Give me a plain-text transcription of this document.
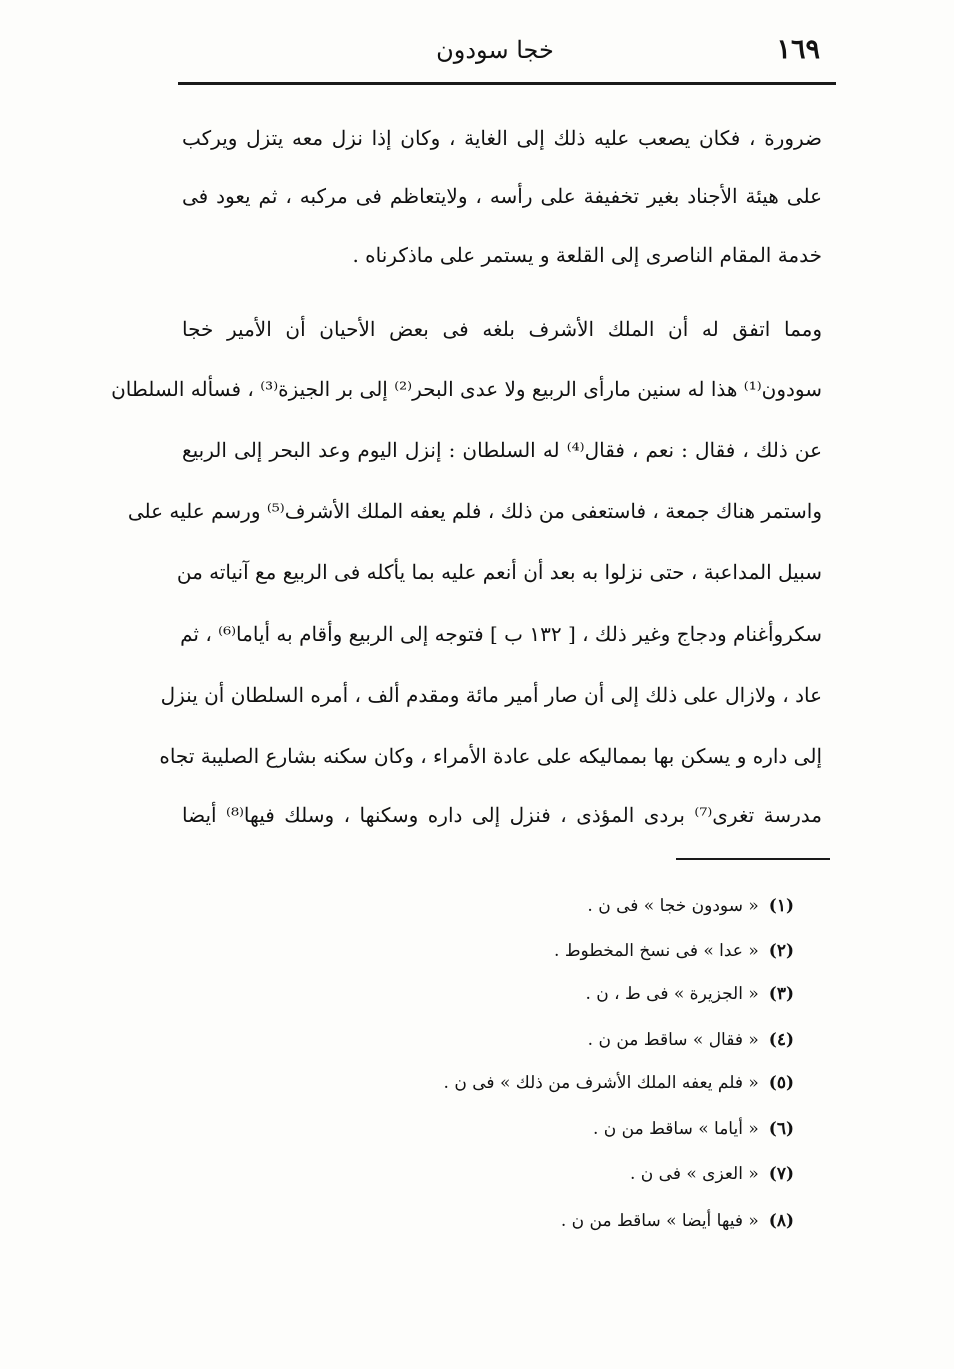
١٦٩
خجا سودون
ضرورة ، فكان يصعب عليه ذلك إلى الغاية ، وكان إذا نزل معه يتزل ويركب
على هيئة الأجناد بغير تخفيفة على رأسه ، ولايتعاظم فى مركبه ، ثم يعود فى
خدمة المقام الناصرى إلى القلعة و يستمر على ماذكرناه .
ومما اتفق له أن الملك الأشرف بلغه فى بعض الأحيان أن الأمير خجا
سودون⁽¹⁾ هذا له سنين مارأى الربيع ولا عدى البحر⁽²⁾ إلى بر الجيزة⁽³⁾ ، فسأله السلطان
عن ذلك ، فقال : نعم ، فقال⁽⁴⁾ له السلطان : إنزل اليوم وعد البحر إلى الربيع
واستمر هناك جمعة ، فاستعفى من ذلك ، فلم يعفه الملك الأشرف⁽⁵⁾ ورسم عليه على
سبيل المداعبة ، حتى نزلوا به بعد أن أنعم عليه بما يأكله فى الربيع مع آنياته من
سكروأغنام ودجاج وغير ذلك ، [ ١٣٢ ب ] فتوجه إلى الربيع وأقام به أياما⁽⁶⁾ ، ثم
عاد ، ولازال على ذلك إلى أن صار أمير مائة ومقدم ألف ، أمره السلطان أن ينزل
إلى داره و يسكن بها بمماليكه على عادة الأمراء ، وكان سكنه بشارع الصليبة تجاه
مدرسة تغرى⁽⁷⁾ بردى المؤذى ، فنزل إلى داره وسكنها ، وسلك فيها⁽⁸⁾ أيضا
(١)« سودون خجا » فى ن .
(٢)« عدا » فى نسخ المخطوط .
(٣)« الجزيرة » فى ط ، ن .
(٤)« فقال » ساقط من ن .
(٥)« فلم يعفه الملك الأشرف من ذلك » فى ن .
(٦)« أياما » ساقط من ن .
(٧)« العزى » فى ن .
(٨)« فيها أيضا » ساقط من ن .
